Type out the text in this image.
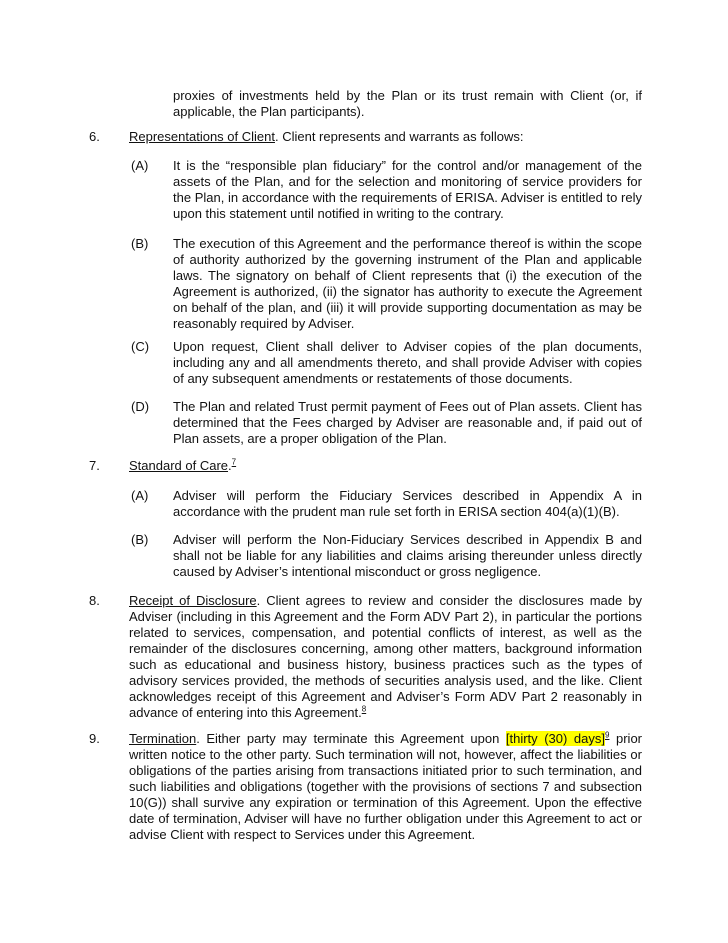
proxies of investments held by the Plan or its trust remain with Client (or, if applicable, the Plan participants).

6. Representations of Client. Client represents and warrants as follows:

(A) It is the “responsible plan fiduciary” for the control and/or management of the assets of the Plan, and for the selection and monitoring of service providers for the Plan, in accordance with the requirements of ERISA. Adviser is entitled to rely upon this statement until notified in writing to the contrary.

(B) The execution of this Agreement and the performance thereof is within the scope of authority authorized by the governing instrument of the Plan and applicable laws. The signatory on behalf of Client represents that (i) the execution of the Agreement is authorized, (ii) the signator has authority to execute the Agreement on behalf of the plan, and (iii) it will provide supporting documentation as may be reasonably required by Adviser.

(C) Upon request, Client shall deliver to Adviser copies of the plan documents, including any and all amendments thereto, and shall provide Adviser with copies of any subsequent amendments or restatements of those documents.

(D) The Plan and related Trust permit payment of Fees out of Plan assets. Client has determined that the Fees charged by Adviser are reasonable and, if paid out of Plan assets, are a proper obligation of the Plan.

7. Standard of Care.$^7$

(A) Adviser will perform the Fiduciary Services described in Appendix A in accordance with the prudent man rule set forth in ERISA section 404(a)(1)(B).

(B) Adviser will perform the Non-Fiduciary Services described in Appendix B and shall not be liable for any liabilities and claims arising thereunder unless directly caused by Adviser’s intentional misconduct or gross negligence.

8. Receipt of Disclosure. Client agrees to review and consider the disclosures made by Adviser (including in this Agreement and the Form ADV Part 2), in particular the portions related to services, compensation, and potential conflicts of interest, as well as the remainder of the disclosures concerning, among other matters, background information such as educational and business history, business practices such as the types of advisory services provided, the methods of securities analysis used, and the like. Client acknowledges receipt of this Agreement and Adviser’s Form ADV Part 2 reasonably in advance of entering into this Agreement.$^8$

9. Termination. Either party may terminate this Agreement upon [thirty (30) days]$^9$ prior written notice to the other party. Such termination will not, however, affect the liabilities or obligations of the parties arising from transactions initiated prior to such termination, and such liabilities and obligations (together with the provisions of sections 7 and subsection 10(G)) shall survive any expiration or termination of this Agreement. Upon the effective date of termination, Adviser will have no further obligation under this Agreement to act or advise Client with respect to Services under this Agreement.
